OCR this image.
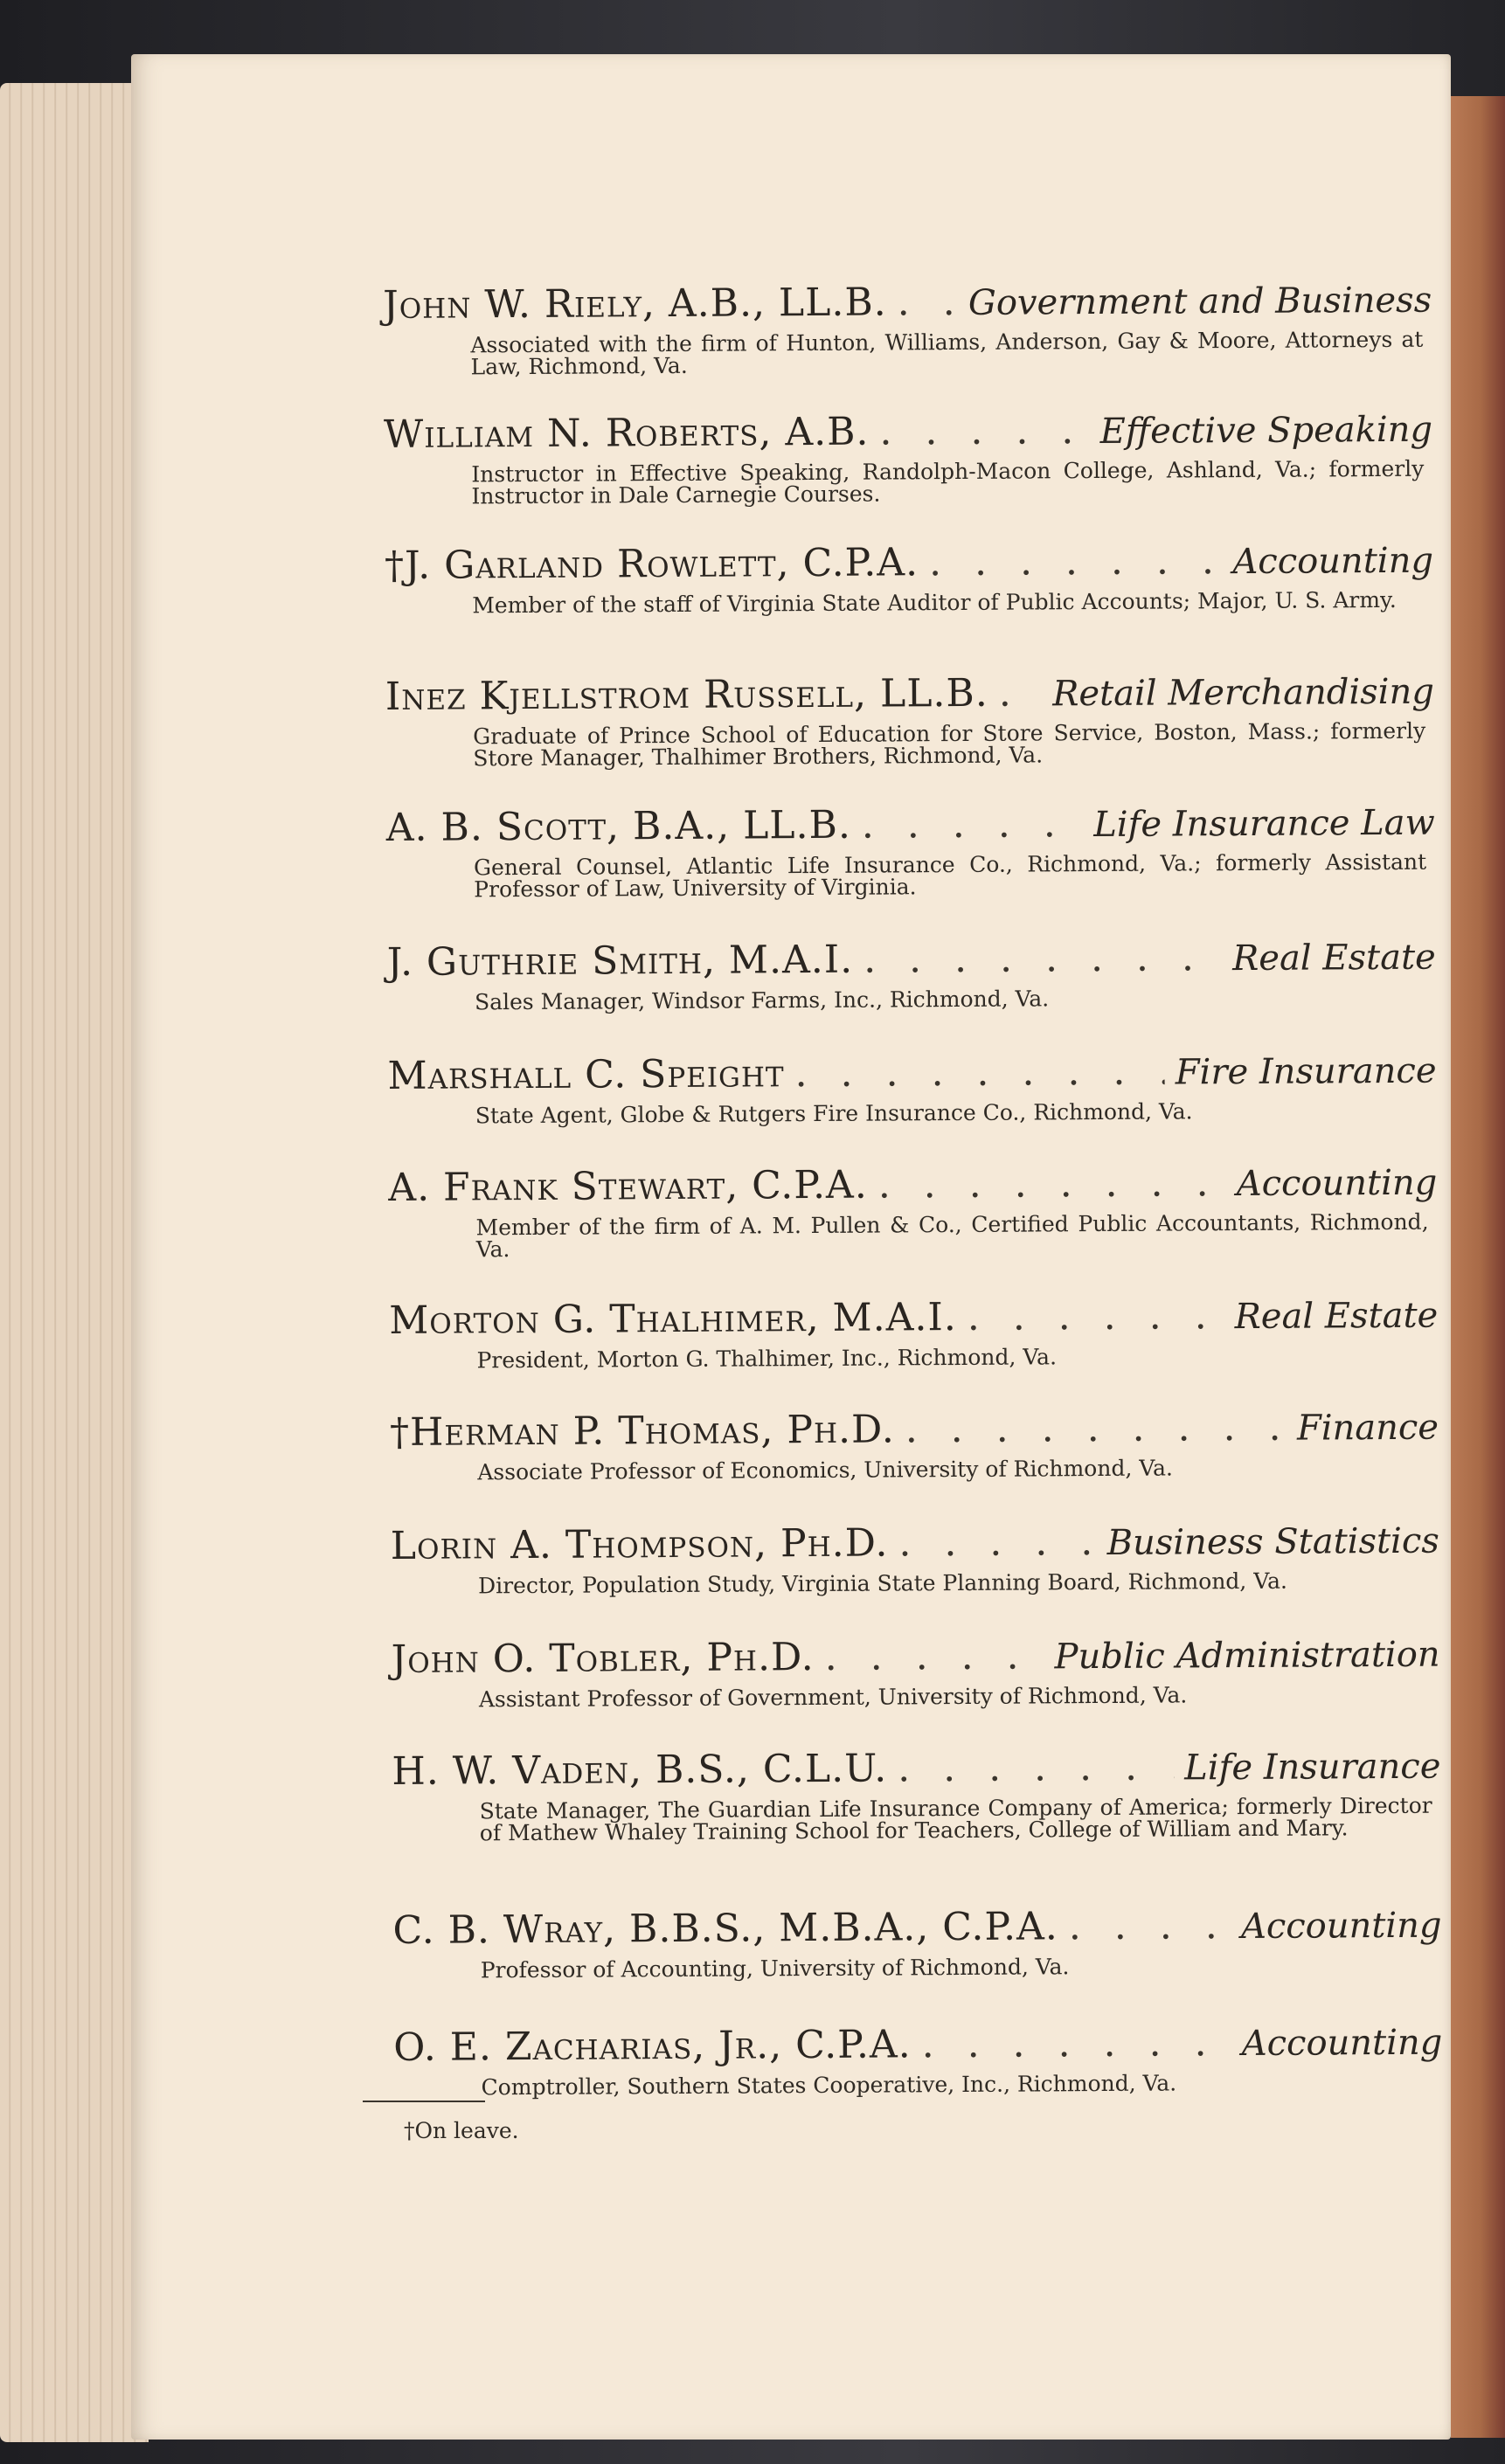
John W. Riely, A.B., LL.B. . . . Government and Business
Associated with the firm of Hunton, Williams, Anderson, Gay & Moore, Attorneys at Law, Richmond, Va.
William N. Roberts, A.B. . . .	Effective Speaking
Instructor in Effective Speaking, Randolph-Macon College, Ashland, Va.; formerly Instructor in Dale Carnegie Courses.
†J. Garland Rowlett, C.P.A. . . .	Accounting
Member of the staff of Virginia State Auditor of Public Accounts; Major, U. S. Army.
Inez Kjellstrom Russell, LL.B. . . . Retail Merchandising
Graduate of Prince School of Education for Store Service, Boston, Mass.; formerly Store Manager, Thalhimer Brothers, Richmond, Va.
A. B. Scott, B.A., LL.B. . . .	Life Insurance Law
General Counsel, Atlantic Life Insurance Co., Richmond, Va.; formerly Assistant Professor of Law, University of Virginia.
J. Guthrie Smith, M.A.I. . . .	Real Estate
Sales Manager, Windsor Farms, Inc., Richmond, Va.
Marshall C. Speight . . .	Fire Insurance
State Agent, Globe & Rutgers Fire Insurance Co., Richmond, Va.
A. Frank Stewart, C.P.A. . . .	Accounting
Member of the firm of A. M. Pullen & Co., Certified Public Accountants, Richmond, Va.
Morton G. Thalhimer, M.A.I. . . .	Real Estate
President, Morton G. Thalhimer, Inc., Richmond, Va.
†Herman P. Thomas, Ph.D. . . .	Finance
Associate Professor of Economics, University of Richmond, Va.
Lorin A. Thompson, Ph.D. . . .	Business Statistics
Director, Population Study, Virginia State Planning Board, Richmond, Va.
John O. Tobler, Ph.D. . . .	Public Administration
Assistant Professor of Government, University of Richmond, Va.
H. W. Vaden, B.S., C.L.U. . . .	Life Insurance
State Manager, The Guardian Life Insurance Company of America; formerly Director of Mathew Whaley Training School for Teachers, College of William and Mary.
C. B. Wray, B.B.S., M.B.A., C.P.A. . . .	Accounting
Professor of Accounting, University of Richmond, Va.
O. E. Zacharias, Jr., C.P.A. . . .	Accounting
Comptroller, Southern States Cooperative, Inc., Richmond, Va.
†On leave.
